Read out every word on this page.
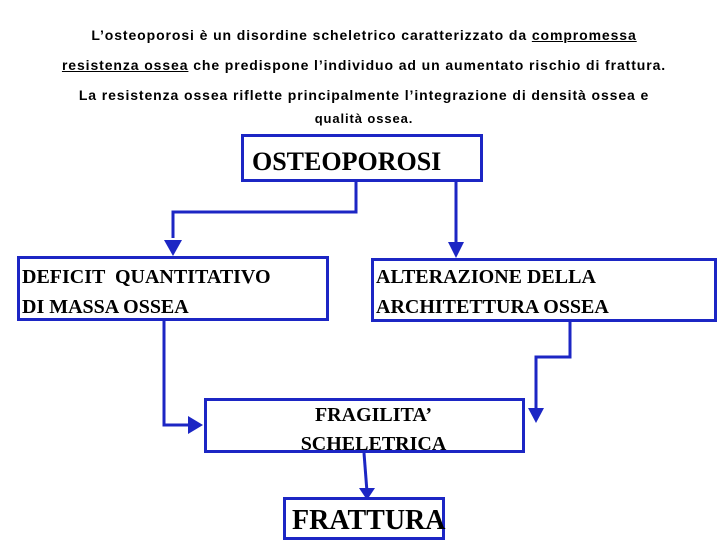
L’osteoporosi è un disordine scheletrico caratterizzato da compromessa
resistenza ossea che predispone l’individuo ad un aumentato rischio di frattura.
La resistenza ossea riflette principalmente l’integrazione di densità ossea e
qualità ossea.
OSTEOPOROSI
DEFICIT  QUANTITATIVO
DI MASSA OSSEA
ALTERAZIONE DELLA
ARCHITETTURA OSSEA
FRAGILITA’
SCHELETRICA
FRATTURA
